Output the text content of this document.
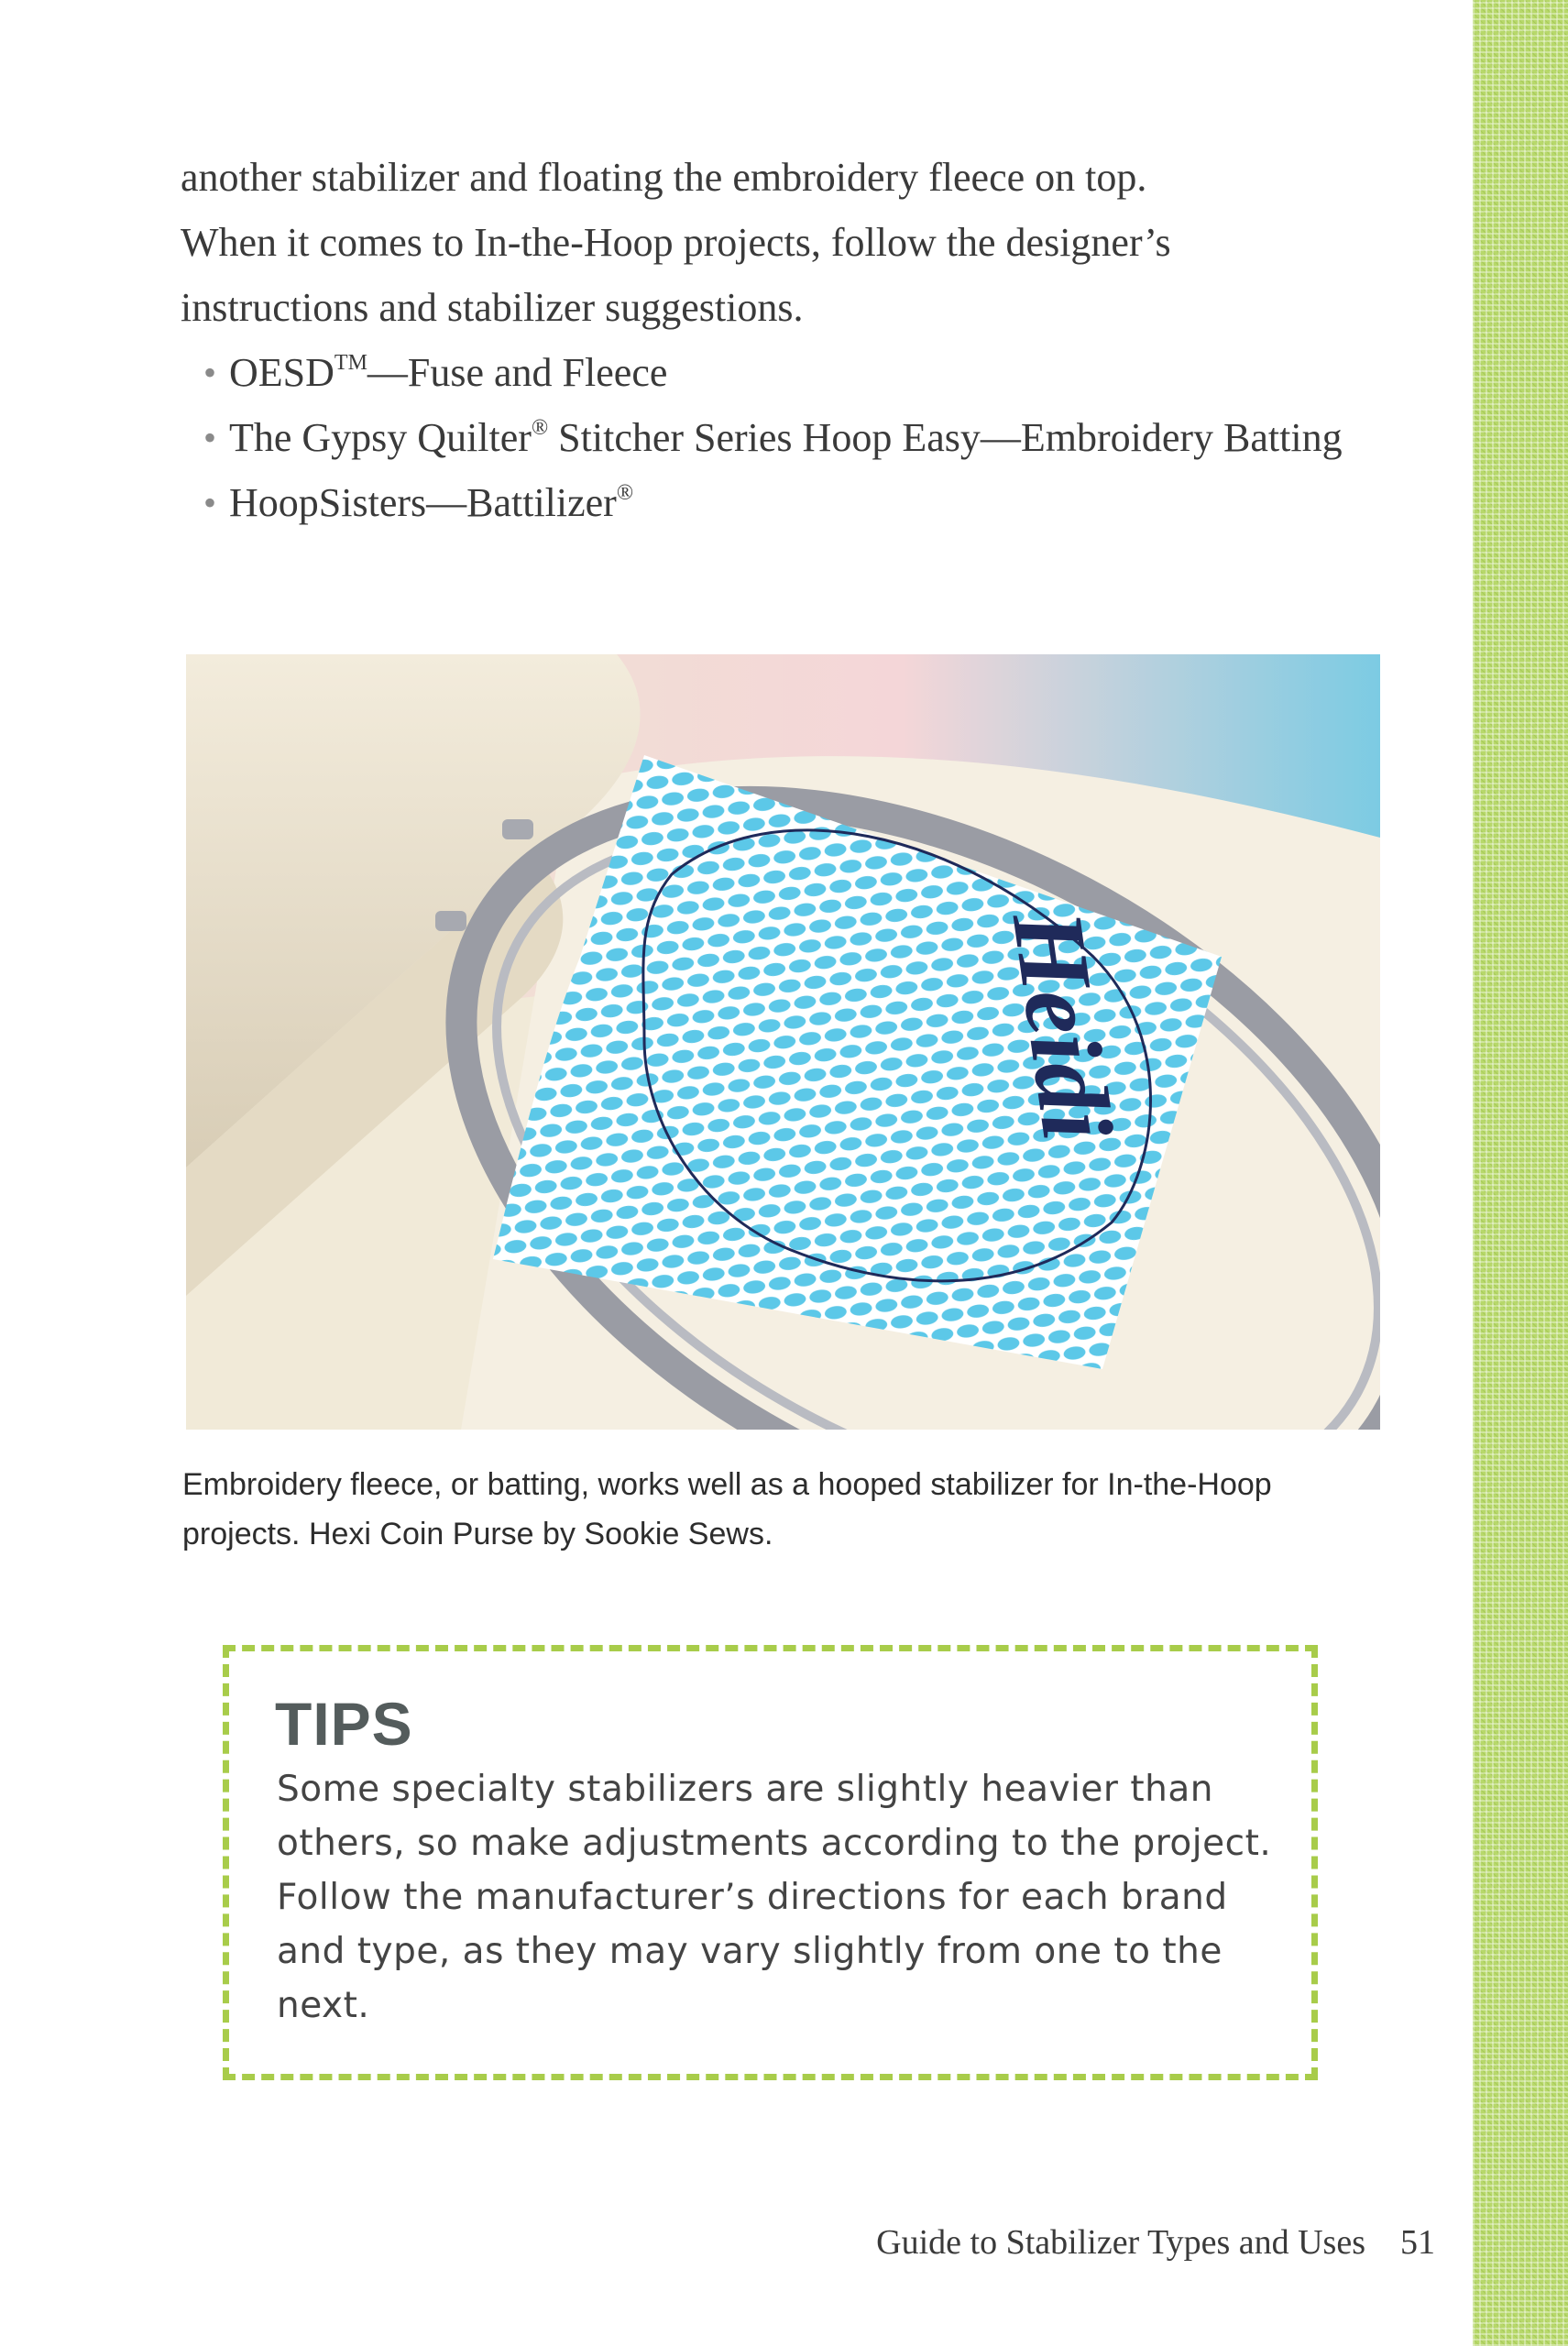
another stabilizer and floating the embroidery fleece on top.

When it comes to In-the-Hoop projects, follow the designer’s

instructions and stabilizer suggestions.

• OESD™—Fuse and Fleece
• The Gypsy Quilter® Stitcher Series Hoop Easy—Embroidery Batting
• HoopSisters—Battilizer®
Heidi
Embroidery fleece, or batting, works well as a hooped stabilizer for In-the-Hoop projects. Hexi Coin Purse by Sookie Sews.
TIPS
Some specialty stabilizers are slightly heavier than others, so make adjustments according to the project. Follow the manufacturer’s directions for each brand and type, as they may vary slightly from one to the next.
Guide to Stabilizer Types and Uses 51
